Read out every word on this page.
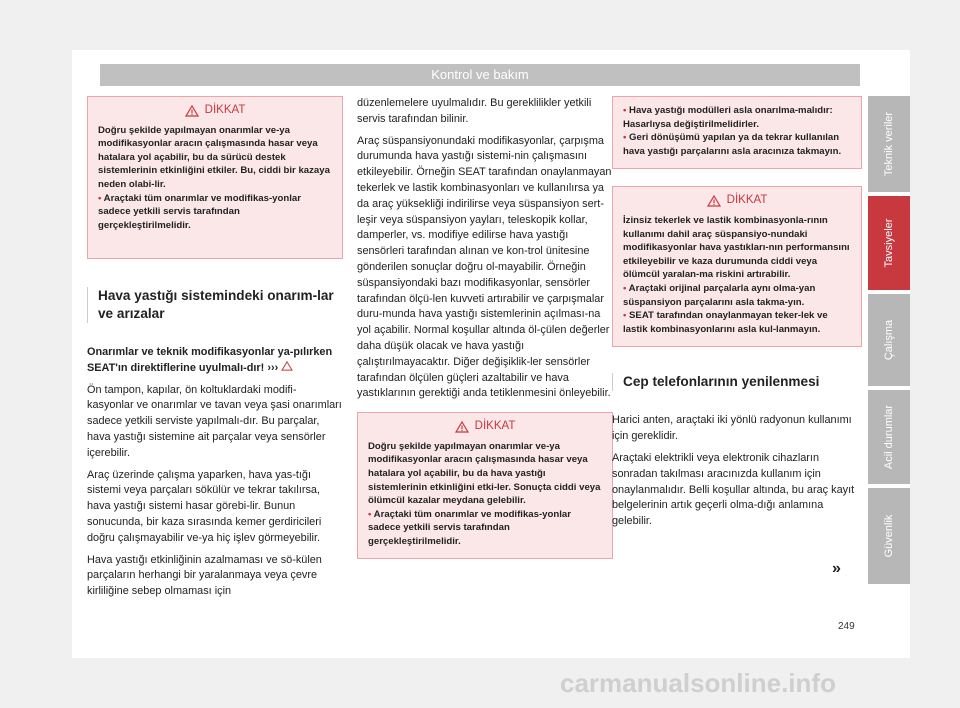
Kontrol ve bakım
DİKKAT

Doğru şekilde yapılmayan onarımlar ve-ya modifikasyonlar aracın çalışmasında hasar veya hatalara yol açabilir, bu da sürücü destek sistemlerinin etkinliğini etkiler. Bu, ciddi bir kazaya neden olabi-lir.

• Araçtaki tüm onarımlar ve modifikas-yonlar sadece yetkili servis tarafından gerçekleştirilmelidir.

Hava yastığı sistemindeki onarım-lar ve arızalar

Onarımlar ve teknik modifikasyonlar ya-pılırken SEAT'ın direktiflerine uyulmalı-dır! ›››

Ön tampon, kapılar, ön koltuklardaki modifi-kasyonlar ve onarımlar ve tavan veya şasi onarımları sadece yetkili serviste yapılmalı-dır. Bu parçalar, hava yastığı sistemine ait parçalar veya sensörler içerebilir.

Araç üzerinde çalışma yaparken, hava yas-tığı sistemi veya parçaları sökülür ve tekrar takılırsa, hava yastığı sistemi hasar görebi-lir. Bunun sonucunda, bir kaza sırasında kemer gerdiricileri doğru çalışmayabilir ve-ya hiç işlev görmeyebilir.

Hava yastığı etkinliğinin azalmaması ve sö-külen parçaların herhangi bir yaralanmaya veya çevre kirliliğine sebep olmaması için

düzenlemelere uyulmalıdır. Bu gereklilikler yetkili servis tarafından bilinir.

Araç süspansiyonundaki modifikasyonlar, çarpışma durumunda hava yastığı sistemi-nin çalışmasını etkileyebilir. Örneğin SEAT tarafından onaylanmayan tekerlek ve lastik kombinasyonları ve kullanılırsa ya da araç yüksekliği indirilirse veya süspansiyon sert-leşir veya süspansiyon yayları, teleskopik kollar, damperler, vs. modifiye edilirse hava yastığı sensörleri tarafından alınan ve kon-trol ünitesine gönderilen sonuçlar doğru ol-mayabilir. Örneğin süspansiyondaki bazı modifikasyonlar, sensörler tarafından ölçü-len kuvveti artırabilir ve çarpışmalar duru-munda hava yastığı sistemlerinin açılması-na yol açabilir. Normal koşullar altında öl-çülen değerler daha düşük olacak ve hava yastığı çalıştırılmayacaktır. Diğer değişiklik-ler sensörler tarafından ölçülen güçleri azaltabilir ve hava yastıklarının gerektiği anda tetiklenmesini önleyebilir.

DİKKAT

Doğru şekilde yapılmayan onarımlar ve-ya modifikasyonlar aracın çalışmasında hasar veya hatalara yol açabilir, bu da hava yastığı sistemlerinin etkinliğini etki-ler. Sonuçta ciddi veya ölümcül kazalar meydana gelebilir.

• Araçtaki tüm onarımlar ve modifikas-yonlar sadece yetkili servis tarafından gerçekleştirilmelidir.

• Hava yastığı modülleri asla onarılma-malıdır: Hasarlıysa değiştirilmelidirler.

• Geri dönüşümü yapılan ya da tekrar kullanılan hava yastığı parçalarını asla aracınıza takmayın.

DİKKAT

İzinsiz tekerlek ve lastik kombinasyonla-rının kullanımı dahil araç süspansiyo-nundaki modifikasyonlar hava yastıkları-nın performansını etkileyebilir ve kaza durumunda ciddi veya ölümcül yaralan-ma riskini artırabilir.

• Araçtaki orijinal parçalarla aynı olma-yan süspansiyon parçalarını asla takma-yın.

• SEAT tarafından onaylanmayan teker-lek ve lastik kombinasyonlarını asla kul-lanmayın.

Cep telefonlarının yenilenmesi

Harici anten, araçtaki iki yönlü radyonun kullanımı için gereklidir.

Araçtaki elektrikli veya elektronik cihazların sonradan takılması aracınızda kullanım için onaylanmalıdır. Belli koşullar altında, bu araç kayıt belgelerinin artık geçerli olma-dığı anlamına gelebilir.

»
Teknik veriler
Tavsiyeler
Çalışma
Acil durumlar
Güvenlik
249
carmanualsonline.info
